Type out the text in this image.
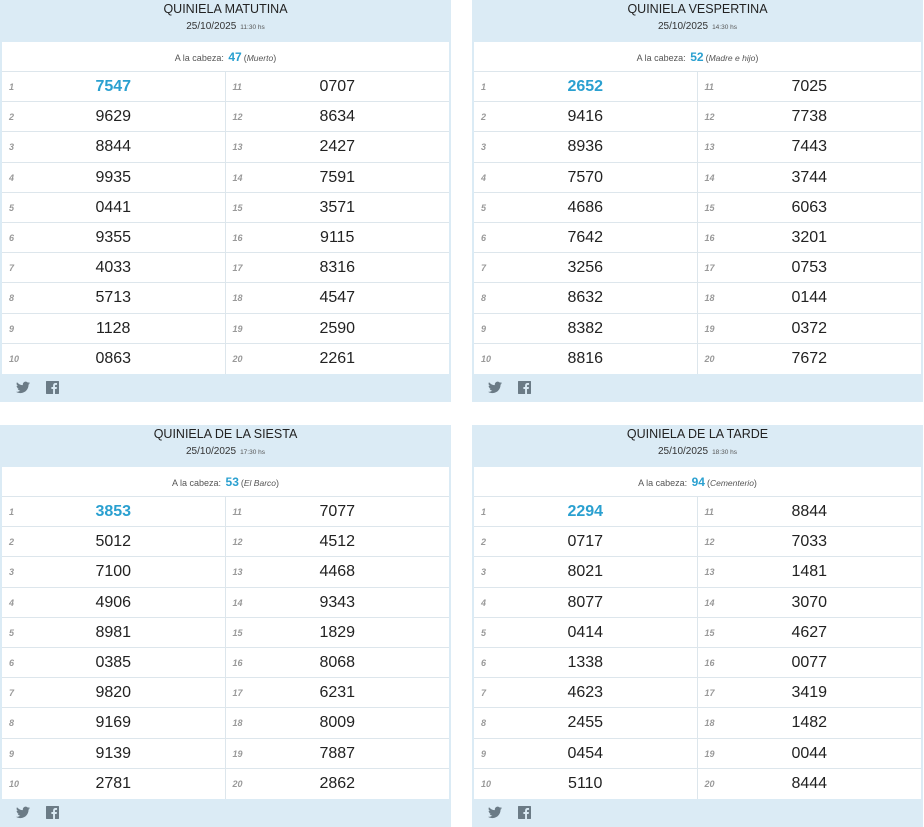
QUINIELA MATUTINA
25/10/2025 11:30 hs
A la cabeza: 47 (Muerto)
1	7547	11	0707
2	9629	12	8634
3	8844	13	2427
4	9935	14	7591
5	0441	15	3571
6	9355	16	9115
7	4033	17	8316
8	5713	18	4547
9	1128	19	2590
10	0863	20	2261
QUINIELA VESPERTINA
25/10/2025 14:30 hs
A la cabeza: 52 (Madre e hijo)
1	2652	11	7025
2	9416	12	7738
3	8936	13	7443
4	7570	14	3744
5	4686	15	6063
6	7642	16	3201
7	3256	17	0753
8	8632	18	0144
9	8382	19	0372
10	8816	20	7672
QUINIELA DE LA SIESTA
25/10/2025 17:30 hs
A la cabeza: 53 (El Barco)
1	3853	11	7077
2	5012	12	4512
3	7100	13	4468
4	4906	14	9343
5	8981	15	1829
6	0385	16	8068
7	9820	17	6231
8	9169	18	8009
9	9139	19	7887
10	2781	20	2862
QUINIELA DE LA TARDE
25/10/2025 18:30 hs
A la cabeza: 94 (Cementerio)
1	2294	11	8844
2	0717	12	7033
3	8021	13	1481
4	8077	14	3070
5	0414	15	4627
6	1338	16	0077
7	4623	17	3419
8	2455	18	1482
9	0454	19	0044
10	5110	20	8444
